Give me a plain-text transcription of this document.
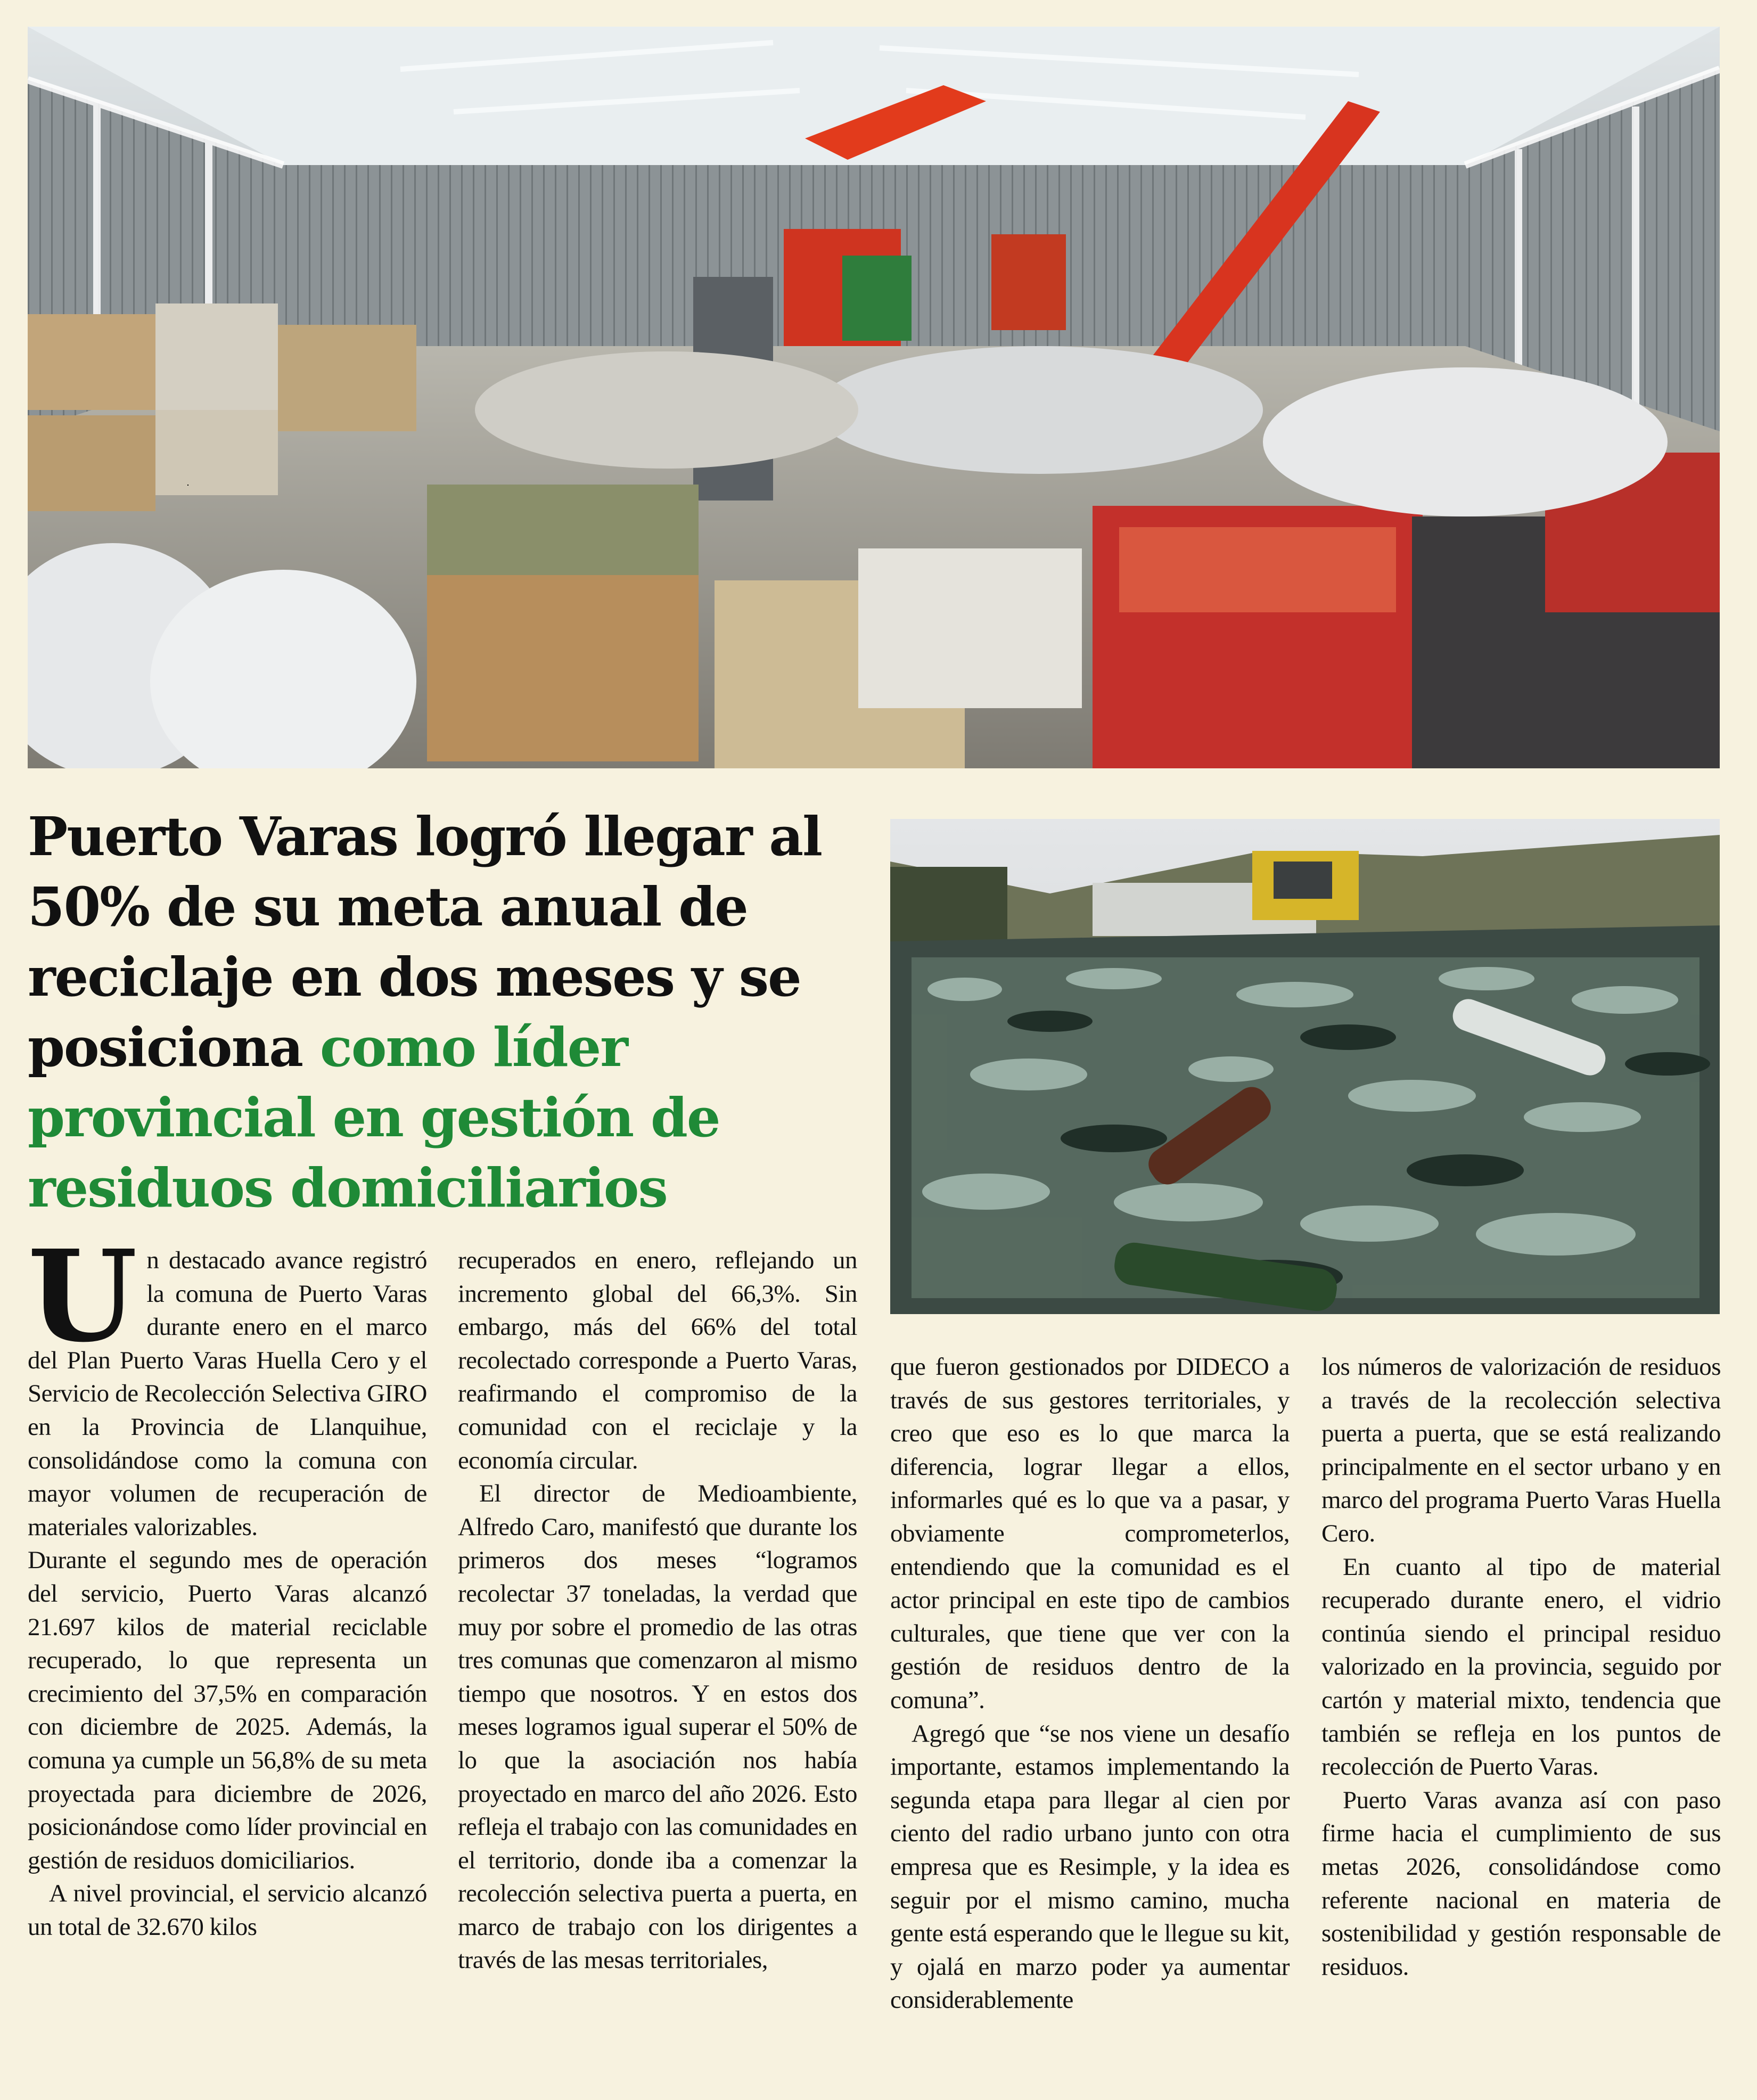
Puerto Varas logró llegar al 50% de su meta anual de reciclaje en dos meses y se posiciona como líder provincial en gestión de residuos domiciliarios

Un destacado avance registró la comuna de Puerto Varas durante enero en el marco del Plan Puerto Varas Huella Cero y el Servicio de Recolección Selectiva GIRO en la Provincia de Llanquihue, consolidándose como la comuna con mayor volumen de recuperación de materiales valorizables.

Durante el segundo mes de operación del servicio, Puerto Varas alcanzó 21.697 kilos de material reciclable recuperado, lo que representa un crecimiento del 37,5% en comparación con diciembre de 2025. Además, la comuna ya cumple un 56,8% de su meta proyectada para diciembre de 2026, posicionándose como líder provincial en gestión de residuos domiciliarios.

A nivel provincial, el servicio alcanzó un total de 32.670 kilos

recuperados en enero, reflejando un incremento global del 66,3%. Sin embargo, más del 66% del total recolectado corresponde a Puerto Varas, reafirmando el compromiso de la comunidad con el reciclaje y la economía circular.

El director de Medioambiente, Alfredo Caro, manifestó que durante los primeros dos meses “logramos recolectar 37 toneladas, la verdad que muy por sobre el promedio de las otras tres comunas que comenzaron al mismo tiempo que nosotros. Y en estos dos meses logramos igual superar el 50% de lo que la asociación nos había proyectado en marco del año 2026. Esto refleja el trabajo con las comunidades en el territorio, donde iba a comenzar la recolección selectiva puerta a puerta, en marco de trabajo con los dirigentes a través de las mesas territoriales,

que fueron gestionados por DIDECO a través de sus gestores territoriales, y creo que eso es lo que marca la diferencia, lograr llegar a ellos, informarles qué es lo que va a pasar, y obviamente comprometerlos, entendiendo que la comunidad es el actor principal en este tipo de cambios culturales, que tiene que ver con la gestión de residuos dentro de la comuna”.

Agregó que “se nos viene un desafío importante, estamos implementando la segunda etapa para llegar al cien por ciento del radio urbano junto con otra empresa que es Resimple, y la idea es seguir por el mismo camino, mucha gente está esperando que le llegue su kit, y ojalá en marzo poder ya aumentar considerablemente

los números de valorización de residuos a través de la recolección selectiva puerta a puerta, que se está realizando principalmente en el sector urbano y en marco del programa Puerto Varas Huella Cero.

En cuanto al tipo de material recuperado durante enero, el vidrio continúa siendo el principal residuo valorizado en la provincia, seguido por cartón y material mixto, tendencia que también se refleja en los puntos de recolección de Puerto Varas.

Puerto Varas avanza así con paso firme hacia el cumplimiento de sus metas 2026, consolidándose como referente nacional en materia de sostenibilidad y gestión responsable de residuos.
